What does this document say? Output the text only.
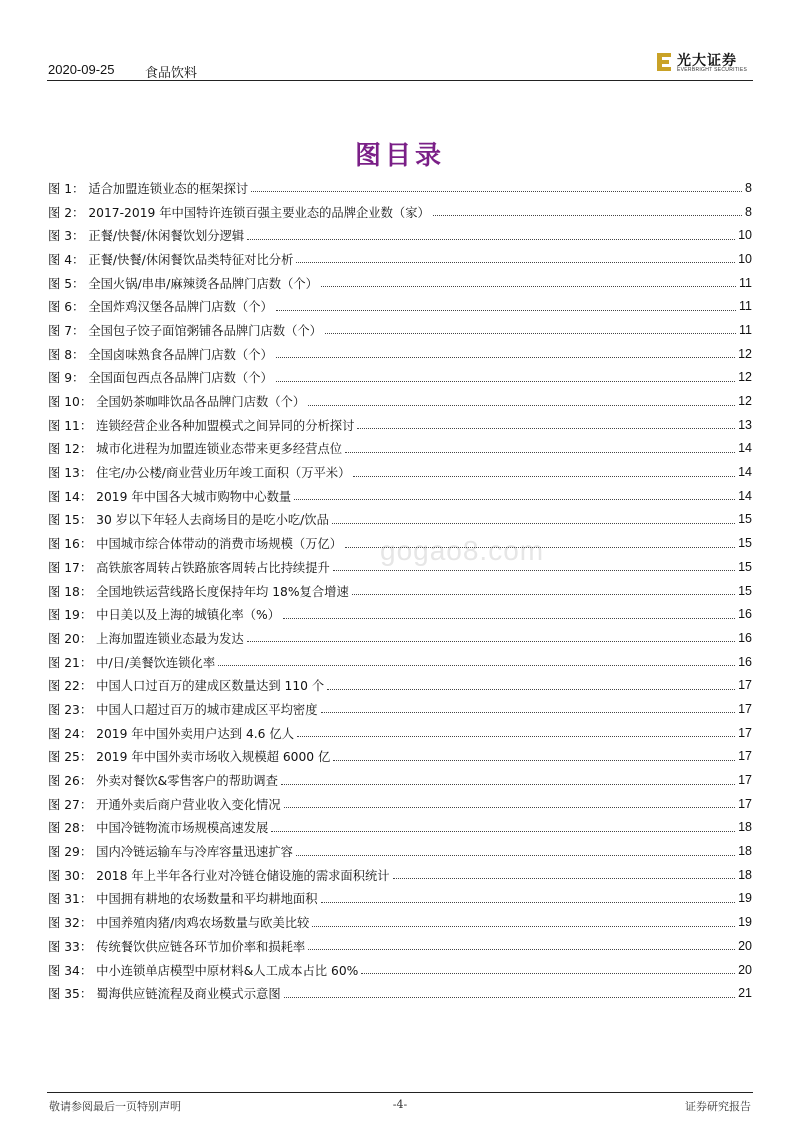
2020-09-25 食品饮料
光大证券
EVERBRIGHT SECURITIES
图目录
gogao8.com
图 1： 适合加盟连锁业态的框架探讨	8
图 2： 2017-2019 年中国特许连锁百强主要业态的品牌企业数（家）	8
图 3： 正餐/快餐/休闲餐饮划分逻辑	10
图 4： 正餐/快餐/休闲餐饮品类特征对比分析	10
图 5： 全国火锅/串串/麻辣烫各品牌门店数（个）	11
图 6： 全国炸鸡汉堡各品牌门店数（个）	11
图 7： 全国包子饺子面馆粥铺各品牌门店数（个）	11
图 8： 全国卤味熟食各品牌门店数（个）	12
图 9： 全国面包西点各品牌门店数（个）	12
图 10： 全国奶茶咖啡饮品各品牌门店数（个）	12
图 11： 连锁经营企业各种加盟模式之间异同的分析探讨	13
图 12： 城市化进程为加盟连锁业态带来更多经营点位	14
图 13： 住宅/办公楼/商业营业历年竣工面积（万平米）	14
图 14： 2019 年中国各大城市购物中心数量	14
图 15： 30 岁以下年轻人去商场目的是吃小吃/饮品	15
图 16： 中国城市综合体带动的消费市场规模（万亿）	15
图 17： 高铁旅客周转占铁路旅客周转占比持续提升	15
图 18： 全国地铁运营线路长度保持年均 18%复合增速	15
图 19： 中日美以及上海的城镇化率（%）	16
图 20： 上海加盟连锁业态最为发达	16
图 21： 中/日/美餐饮连锁化率	16
图 22： 中国人口过百万的建成区数量达到 110 个	17
图 23： 中国人口超过百万的城市建成区平均密度	17
图 24： 2019 年中国外卖用户达到 4.6 亿人	17
图 25： 2019 年中国外卖市场收入规模超 6000 亿	17
图 26： 外卖对餐饮&零售客户的帮助调查	17
图 27： 开通外卖后商户营业收入变化情况	17
图 28： 中国冷链物流市场规模高速发展	18
图 29： 国内冷链运输车与冷库容量迅速扩容	18
图 30： 2018 年上半年各行业对冷链仓储设施的需求面积统计	18
图 31： 中国拥有耕地的农场数量和平均耕地面积	19
图 32： 中国养殖肉猪/肉鸡农场数量与欧美比较	19
图 33： 传统餐饮供应链各环节加价率和损耗率	20
图 34： 中小连锁单店模型中原材料&人工成本占比 60%	20
图 35： 蜀海供应链流程及商业模式示意图	21
敬请参阅最后一页特别声明	-4-	证券研究报告
